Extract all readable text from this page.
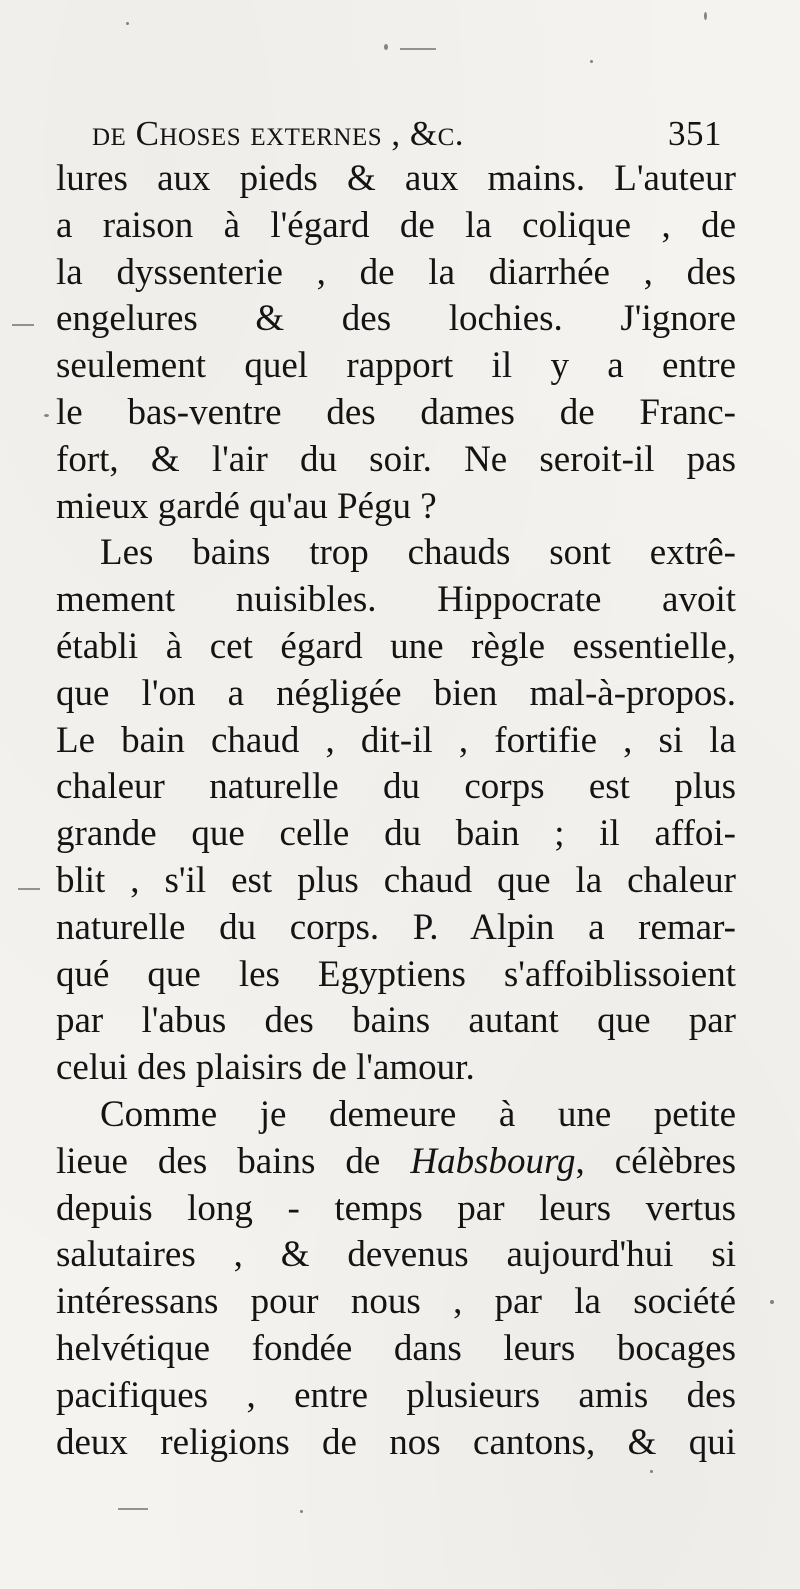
de Choses externes , &c.	351
lures aux pieds & aux mains. L'auteur
a raison à l'égard de la colique , de
la dyssenterie , de la diarrhée , des
engelures & des lochies. J'ignore
seulement quel rapport il y a entre
le bas-ventre des dames de Franc-
fort, & l'air du soir. Ne seroit-il pas
mieux gardé qu'au Pégu ?
Les bains trop chauds sont extrê-
mement nuisibles. Hippocrate avoit
établi à cet égard une règle essentielle,
que l'on a négligée bien mal-à-propos.
Le bain chaud , dit-il , fortifie , si la
chaleur naturelle du corps est plus
grande que celle du bain ; il affoi-
blit , s'il est plus chaud que la chaleur
naturelle du corps. P. Alpin a remar-
qué que les Egyptiens s'affoiblissoient
par l'abus des bains autant que par
celui des plaisirs de l'amour.
Comme je demeure à une petite
lieue des bains de Habsbourg, célèbres
depuis long - temps par leurs vertus
salutaires , & devenus aujourd'hui si
intéressans pour nous , par la société
helvétique fondée dans leurs bocages
pacifiques , entre plusieurs amis des
deux religions de nos cantons, & qui
